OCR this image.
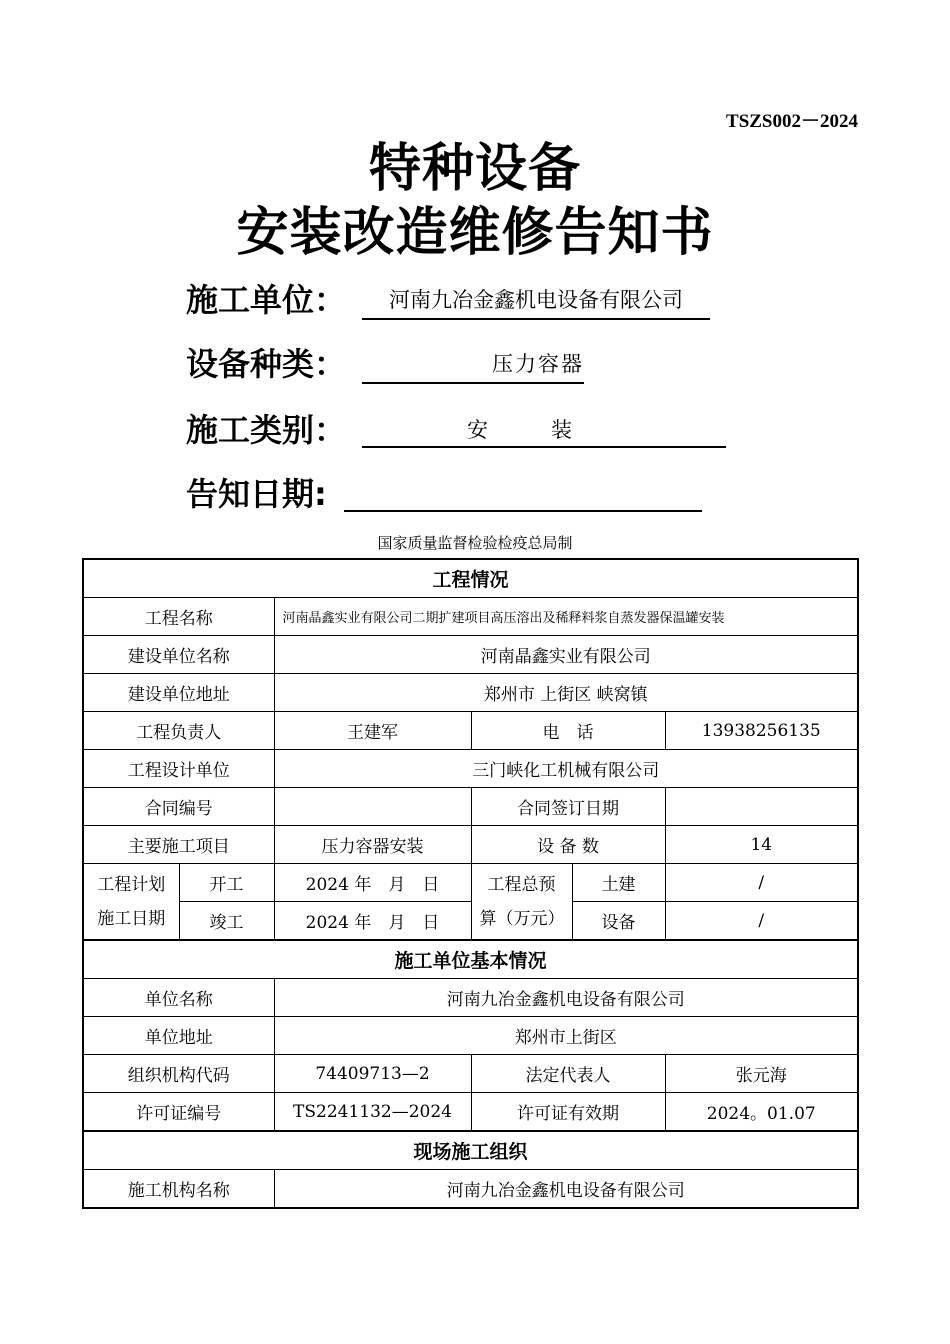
TSZS002－2024
特种设备
安装改造维修告知书
施工单位：	河南九冶金鑫机电设备有限公司
设备种类：	压力容器
施工类别：	安　　　装
告知日期:
国家质量监督检验检疫总局制
工程情况					
工程名称		河南晶鑫实业有限公司二期扩建项目高压溶出及稀释料浆自蒸发器保温罐安装			
建设单位名称		河南晶鑫实业有限公司			
建设单位地址		郑州市 上街区 峡窝镇			
工程负责人		王建军	电　话		13938256135
工程设计单位		三门峡化工机械有限公司			
合同编号			合同签订日期		
主要施工项目		压力容器安装	设 备 数		14
工程计划施工日期	开工	2024 年　月　日	工程总预算（万元）	土建	/
	竣工	2024 年　月　日		设备	/
施工单位基本情况					
单位名称		河南九冶金鑫机电设备有限公司			
单位地址		郑州市上街区			
组织机构代码		74409713—2	法定代表人		张元海
许可证编号		TS2241132—2024	许可证有效期		2024。01.07
现场施工组织					
施工机构名称		河南九冶金鑫机电设备有限公司			
